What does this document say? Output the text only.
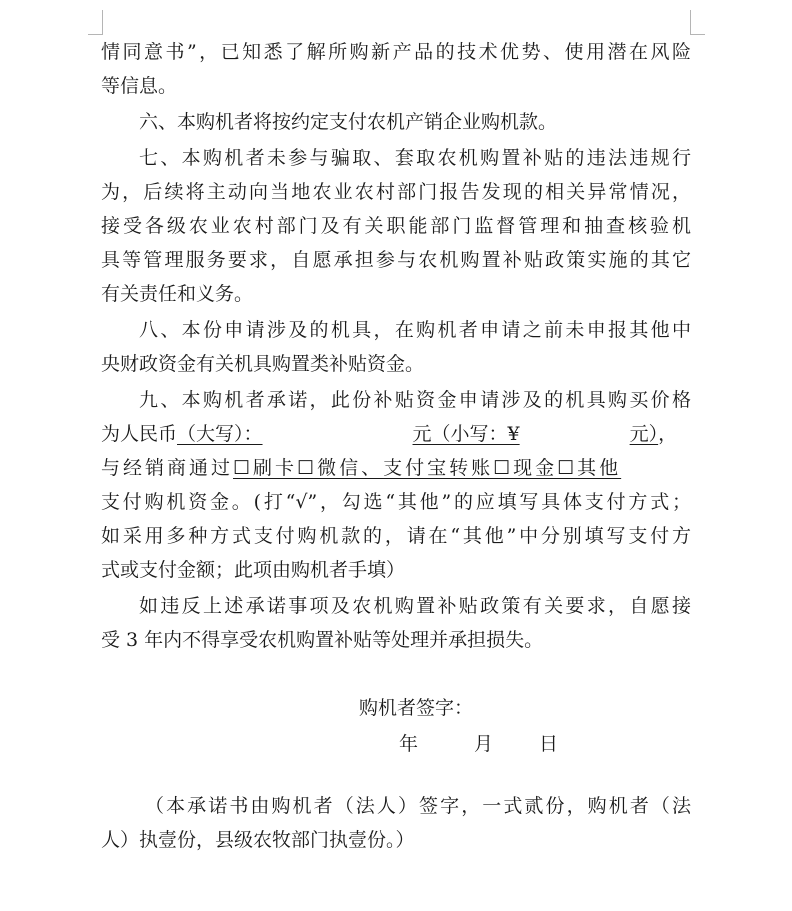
情同意书”，已知悉了解所购新产品的技术优势、使用潜在风险
等信息。
六、本购机者将按约定支付农机产销企业购机款。
七、本购机者未参与骗取、套取农机购置补贴的违法违规行
为，后续将主动向当地农业农村部门报告发现的相关异常情况，
接受各级农业农村部门及有关职能部门监督管理和抽查核验机
具等管理服务要求，自愿承担参与农机购置补贴政策实施的其它
有关责任和义务。
八、本份申请涉及的机具，在购机者申请之前未申报其他中
央财政资金有关机具购置类补贴资金。
九、本购机者承诺，此份补贴资金申请涉及的机具购买价格
为人民币（大写）：	元（小写：¥	元），
与经销商通过☐刷卡☐微信、支付宝转账☐现金☐其他
支付购机资金。(打“√”，勾选“其他”的应填写具体支付方式；
如采用多种方式支付购机款的，请在“其他”中分别填写支付方
式或支付金额；此项由购机者手填）
如违反上述承诺事项及农机购置补贴政策有关要求，自愿接
受 3 年内不得享受农机购置补贴等处理并承担损失。
购机者签字：
年	月 日
（本承诺书由购机者（法人）签字，一式贰份，购机者（法
人）执壹份，县级农牧部门执壹份。）
